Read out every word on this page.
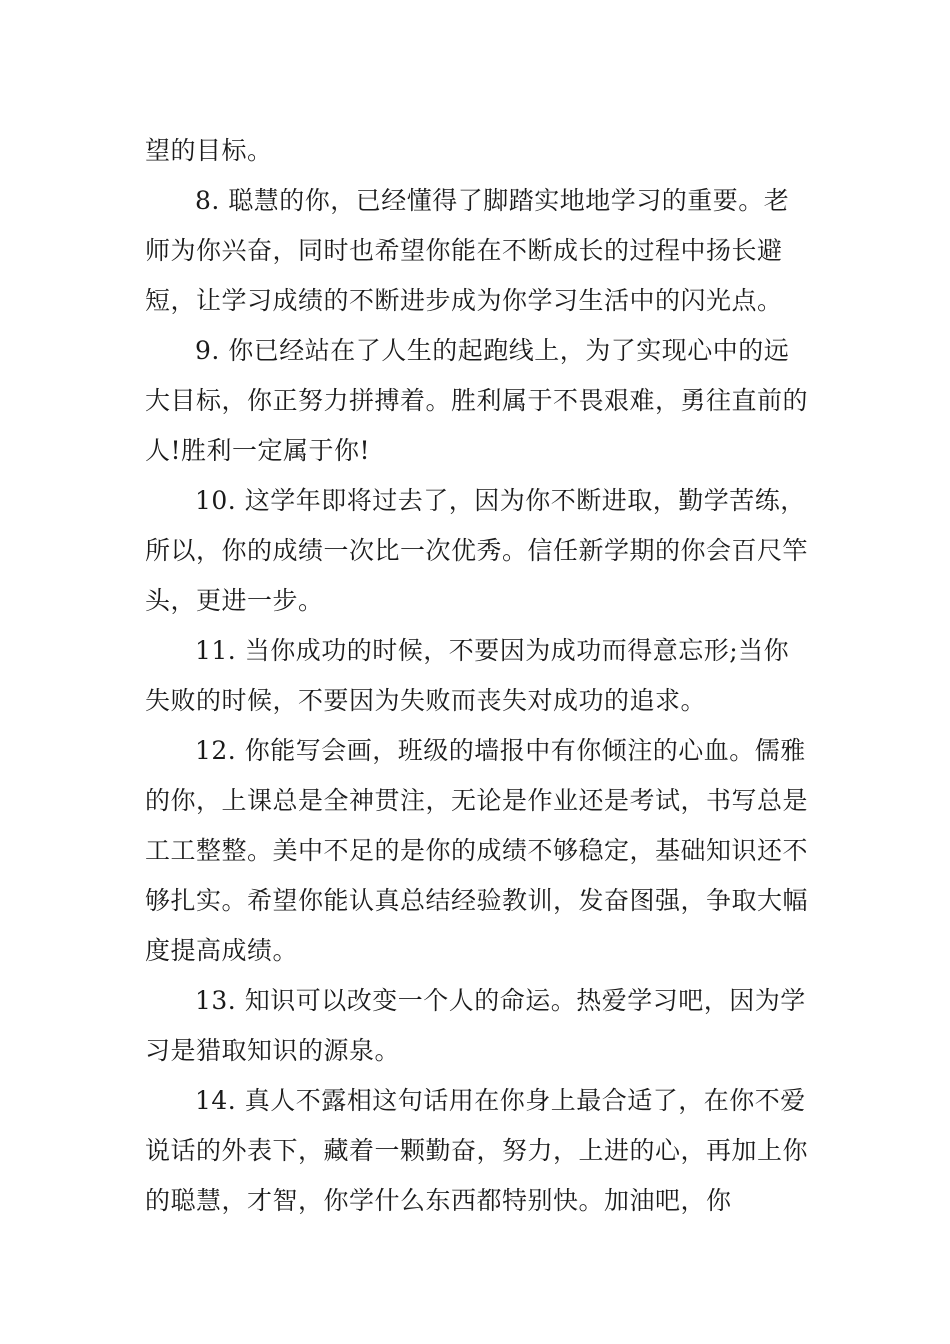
望的目标。

8. 聪慧的你，已经懂得了脚踏实地地学习的重要。老师为你兴奋，同时也希望你能在不断成长的过程中扬长避短，让学习成绩的不断进步成为你学习生活中的闪光点。

9. 你已经站在了人生的起跑线上，为了实现心中的远大目标，你正努力拼搏着。胜利属于不畏艰难，勇往直前的人!胜利一定属于你!

10. 这学年即将过去了，因为你不断进取，勤学苦练，所以，你的成绩一次比一次优秀。信任新学期的你会百尺竿头，更进一步。

11. 当你成功的时候，不要因为成功而得意忘形;当你失败的时候，不要因为失败而丧失对成功的追求。

12. 你能写会画，班级的墙报中有你倾注的心血。儒雅的你，上课总是全神贯注，无论是作业还是考试，书写总是工工整整。美中不足的是你的成绩不够稳定，基础知识还不够扎实。希望你能认真总结经验教训，发奋图强，争取大幅度提高成绩。

13. 知识可以改变一个人的命运。热爱学习吧，因为学习是猎取知识的源泉。

14. 真人不露相这句话用在你身上最合适了，在你不爱说话的外表下，藏着一颗勤奋，努力，上进的心，再加上你的聪慧，才智，你学什么东西都特别快。加油吧，你
